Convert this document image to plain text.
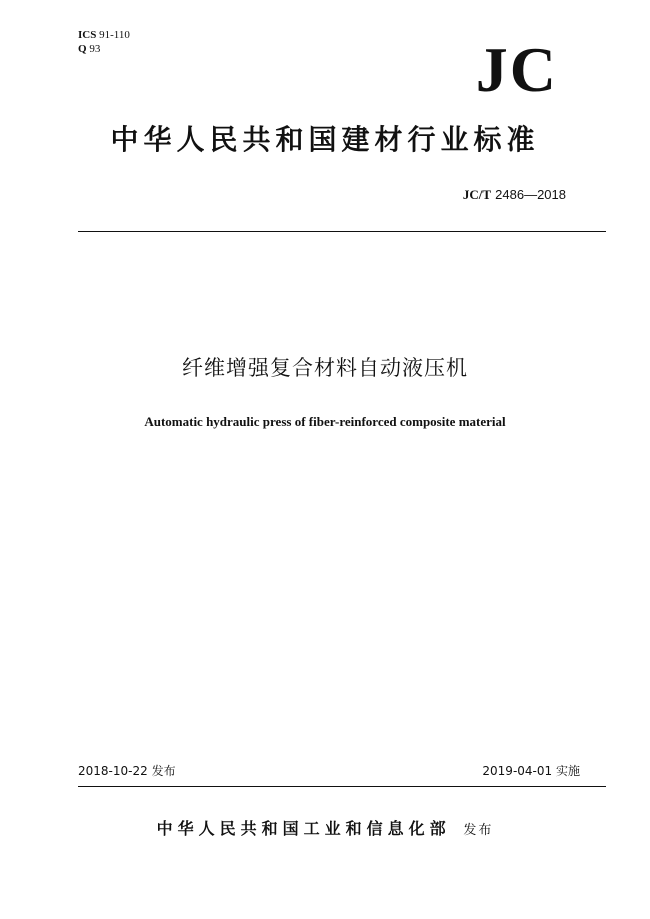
ICS 91-110
Q 93	JC
中华人民共和国建材行业标准
JC/T 2486—2018
纤维增强复合材料自动液压机
Automatic hydraulic press of fiber-reinforced composite material
2018-10-22 发布	2019-04-01 实施
中华人民共和国工业和信息化部 发布
